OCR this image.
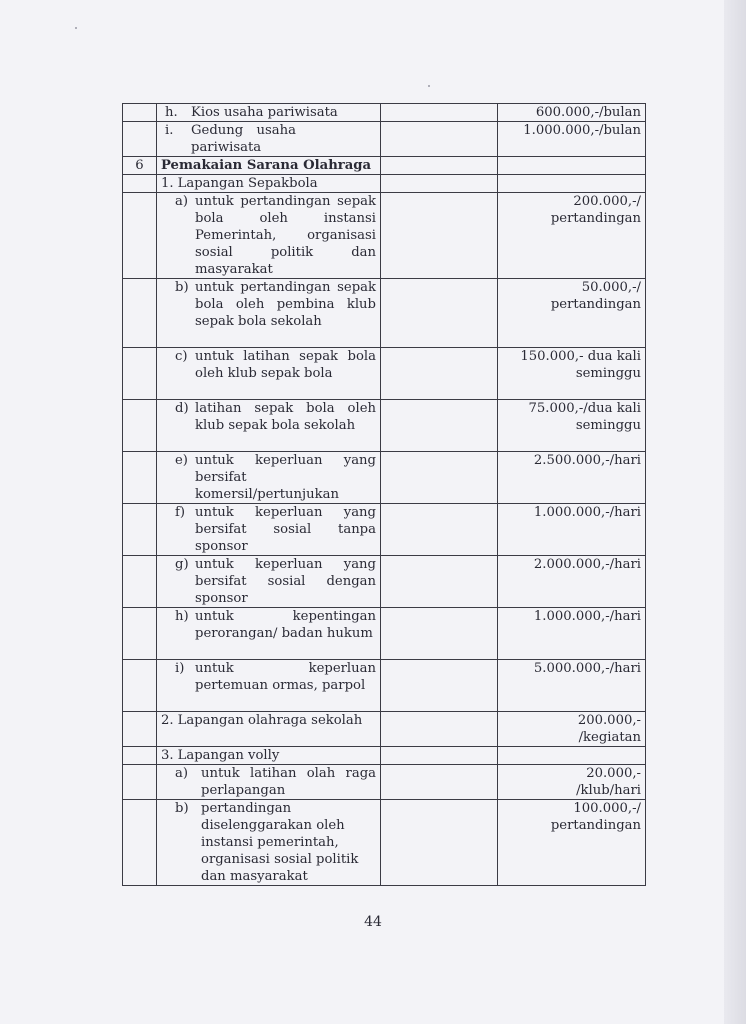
	h. Kios usaha pariwisata		600.000,-/bulan

	i. Gedung usaha pariwisata		1.000.000,-/bulan
6	Pemakaian Sarana Olahraga		

	1. Lapangan Sepakbola		

	a) untuk pertandingan sepak bola oleh instansi Pemerintah, organisasi sosial politik dan masyarakat		200.000,-/ pertandingan

	b) untuk pertandingan sepak bola oleh pembina klub sepak bola sekolah		50.000,-/ pertandingan

	c) untuk latihan sepak bola oleh klub sepak bola		150.000,- dua kali seminggu

	d) latihan sepak bola oleh klub sepak bola sekolah		75.000,-/dua kali seminggu

	e) untuk keperluan yang bersifat komersil/pertunjukan		2.500.000,-/hari

	f) untuk keperluan yang bersifat sosial tanpa sponsor		1.000.000,-/hari

	g) untuk keperluan yang bersifat sosial dengan sponsor		2.000.000,-/hari

	h) untuk kepentingan perorangan/ badan hukum		1.000.000,-/hari

	i) untuk keperluan pertemuan ormas, parpol		5.000.000,-/hari

	2. Lapangan olahraga sekolah		200.000,- /kegiatan

	3. Lapangan volly		

	a) untuk latihan olah raga perlapangan		20.000,- /klub/hari

	b) pertandingan diselenggarakan oleh instansi pemerintah, organisasi sosial politik dan masyarakat		100.000,-/ pertandingan
44
